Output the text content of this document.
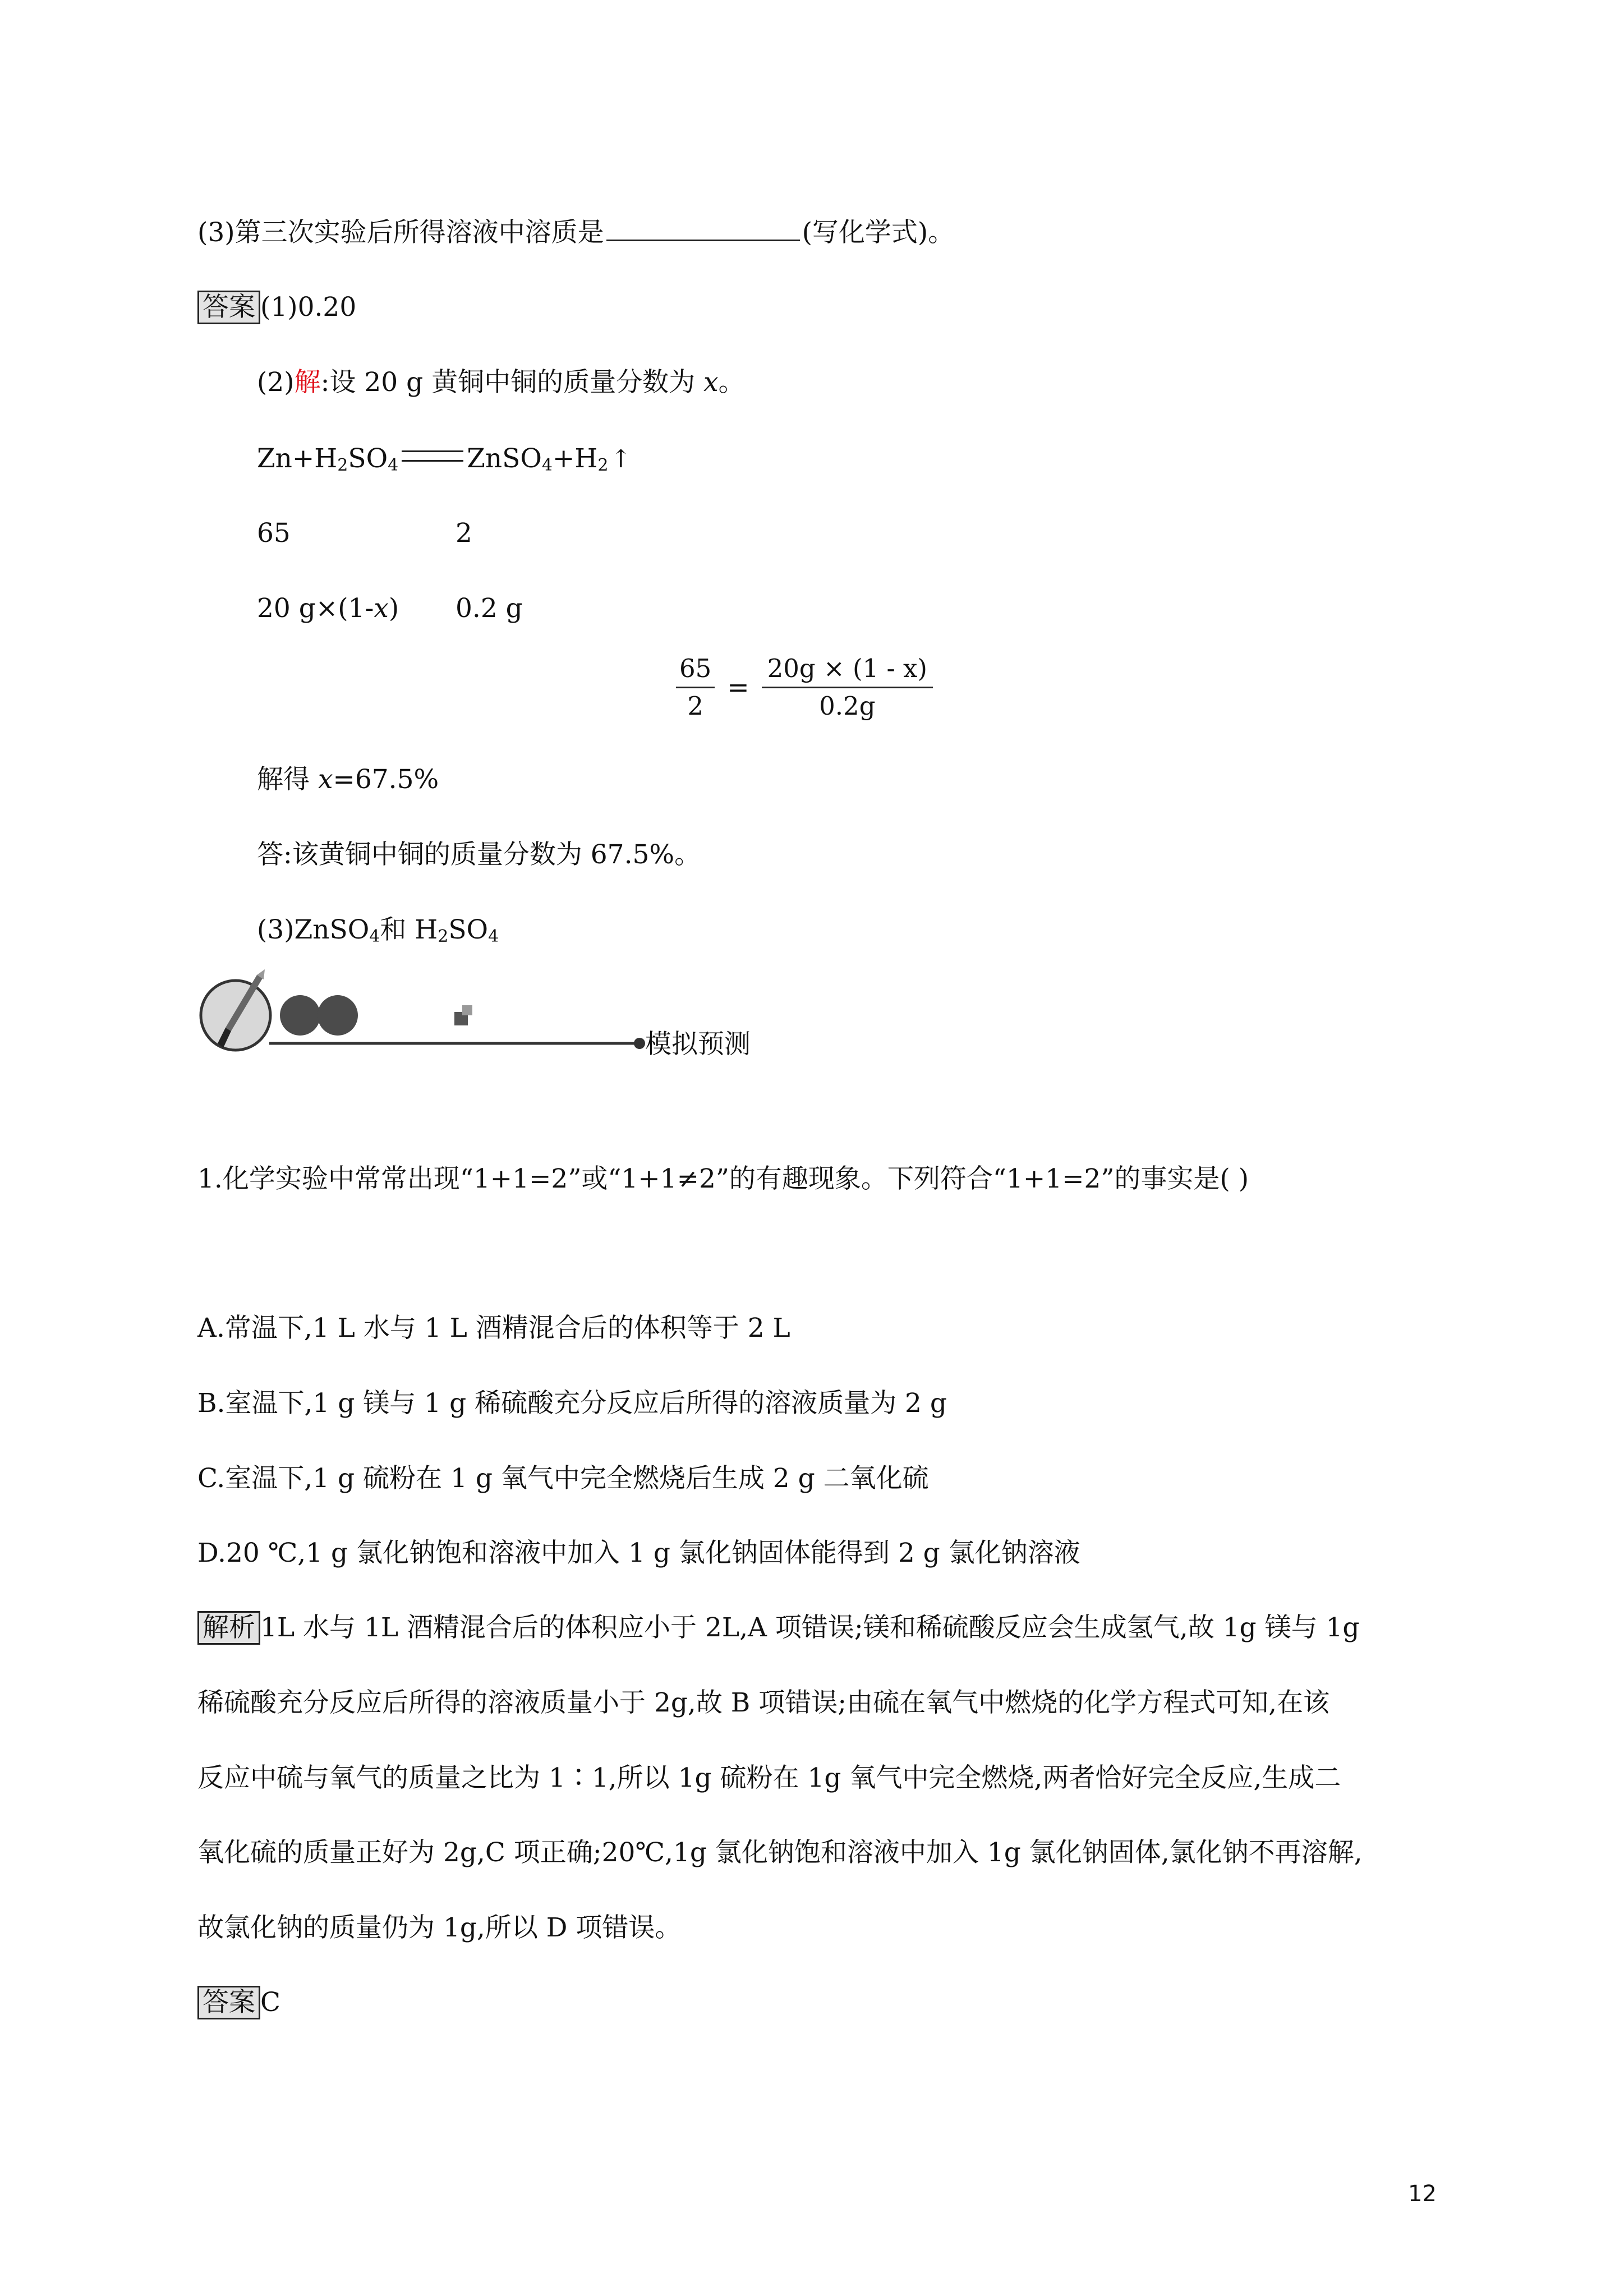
(3)第三次实验后所得溶液中溶质是	(写化学式)。
答案 (1)0.20
(2)解:设 20 g 黄铜中铜的质量分数为 x。
$Zn+H_2SO_4$	$ZnSO_4+H_2↑$
65	2
20 g×(1-x) 0.2 g
$\frac{65}{2} = \frac{20g \times (1 - x)}{0.2g}$
解得 x=67.5%
答:该黄铜中铜的质量分数为 67.5%。
(3)ZnSO$_4$和 $H_2SO_4$
模拟预测
1.化学实验中常常出现“1+1=2”或“1+1≠2”的有趣现象。下列符合“1+1=2”的事实是( )
A.常温下,1 L 水与 1 L 酒精混合后的体积等于 2 L
B.室温下,1 g 镁与 1 g 稀硫酸充分反应后所得的溶液质量为 2 g
C.室温下,1 g 硫粉在 1 g 氧气中完全燃烧后生成 2 g 二氧化硫
D.20 ℃,1 g 氯化钠饱和溶液中加入 1 g 氯化钠固体能得到 2 g 氯化钠溶液
解析 1L 水与 1L 酒精混合后的体积应小于 2L,A 项错误;镁和稀硫酸反应会生成氢气,故 1g 镁与 1g
稀硫酸充分反应后所得的溶液质量小于 2g,故 B 项错误;由硫在氧气中燃烧的化学方程式可知,在该
反应中硫与氧气的质量之比为 1∶1,所以 1g 硫粉在 1g 氧气中完全燃烧,两者恰好完全反应,生成二
氧化硫的质量正好为 2g,C 项正确;20℃,1g 氯化钠饱和溶液中加入 1g 氯化钠固体,氯化钠不再溶解,
故氯化钠的质量仍为 1g,所以 D 项错误。
答案 C
12
